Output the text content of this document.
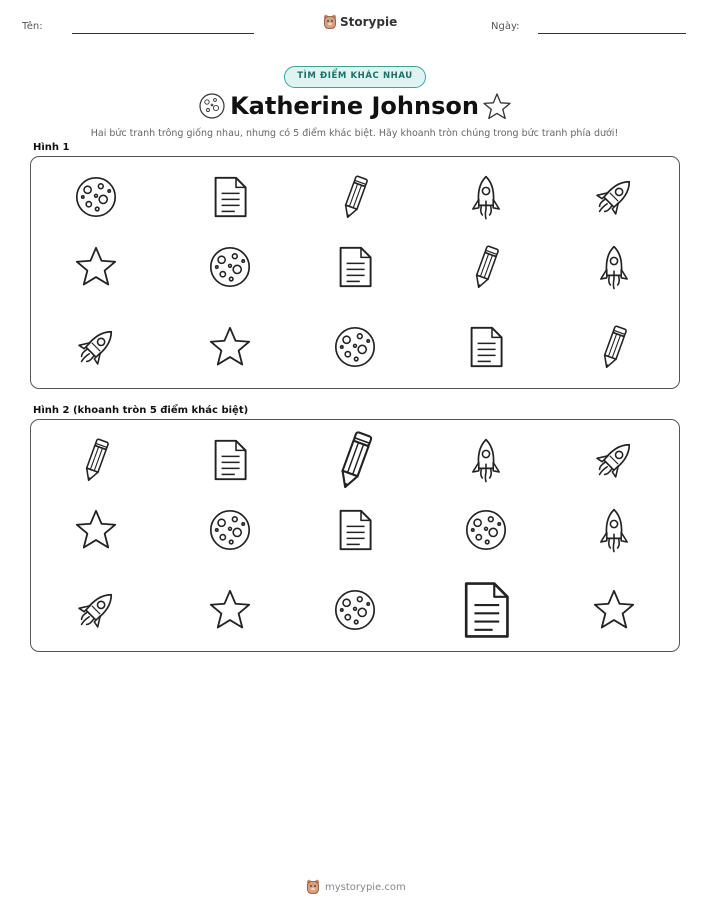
Tên:	Storypie	Ngày:
TÌM ĐIỂM KHÁC NHAU
Katherine Johnson
Hai bức tranh trông giống nhau, nhưng có 5 điểm khác biệt. Hãy khoanh tròn chúng trong bức tranh phía dưới!
Hình 1
Hình 2 (khoanh tròn 5 điểm khác biệt)
mystorypie.com
